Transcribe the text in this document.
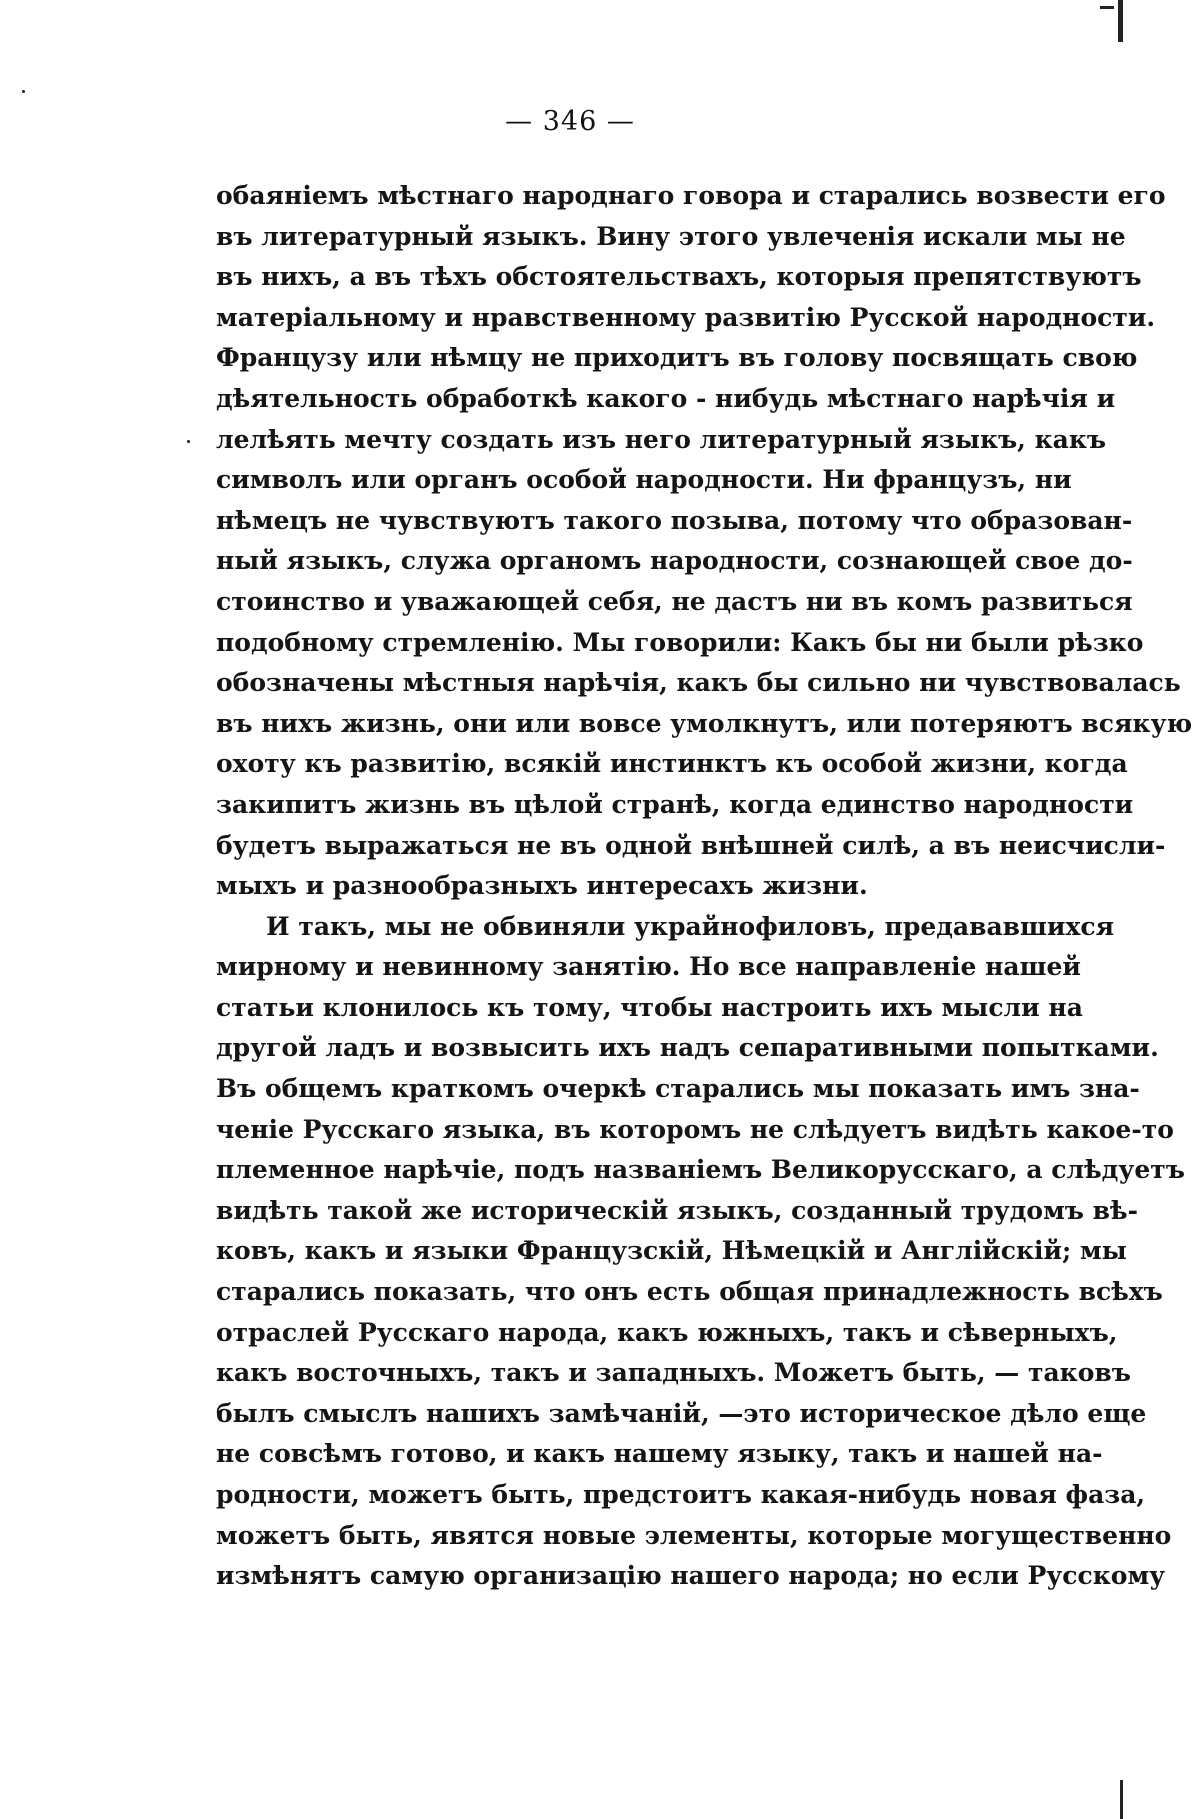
— 346 —
обаяніемъ мѣстнаго народнаго говора и старались возвести его
въ литературный языкъ. Вину этого увлеченія искали мы не
въ нихъ, а въ тѣхъ обстоятельствахъ, которыя препятствуютъ
матеріальному и нравственному развитію Русской народности.
Французу или нѣмцу не приходитъ въ голову посвящать свою
дѣятельность обработкѣ какого - нибудь мѣстнаго нарѣчія и
лелѣять мечту создать изъ него литературный языкъ, какъ
символъ или органъ особой народности. Ни французъ, ни
нѣмецъ не чувствуютъ такого позыва, потому что образован-
ный языкъ, служа органомъ народности, сознающей свое до-
стоинство и уважающей себя, не дастъ ни въ комъ развиться
подобному стремленію. Мы говорили: Какъ бы ни были рѣзко
обозначены мѣстныя нарѣчія, какъ бы сильно ни чувствовалась
въ нихъ жизнь, они или вовсе умолкнутъ, или потеряютъ всякую
охоту къ развитію, всякій инстинктъ къ особой жизни, когда
закипитъ жизнь въ цѣлой странѣ, когда единство народности
будетъ выражаться не въ одной внѣшней силѣ, а въ неисчисли-
мыхъ и разнообразныхъ интересахъ жизни.
И такъ, мы не обвиняли украйнофиловъ, предававшихся
мирному и невинному занятію. Но все направленіе нашей
статьи клонилось къ тому, чтобы настроить ихъ мысли на
другой ладъ и возвысить ихъ надъ сепаративными попытками.
Въ общемъ краткомъ очеркѣ старались мы показать имъ зна-
ченіе Русскаго языка, въ которомъ не слѣдуетъ видѣть какое-то
племенное нарѣчіе, подъ названіемъ Великорусскаго, а слѣдуетъ
видѣть такой же историческій языкъ, созданный трудомъ вѣ-
ковъ, какъ и языки Французскій, Нѣмецкій и Англійскій; мы
старались показать, что онъ есть общая принадлежность всѣхъ
отраслей Русскаго народа, какъ южныхъ, такъ и сѣверныхъ,
какъ восточныхъ, такъ и западныхъ. Можетъ быть, — таковъ
былъ смыслъ нашихъ замѣчаній, —это историческое дѣло еще
не совсѣмъ готово, и какъ нашему языку, такъ и нашей на-
родности, можетъ быть, предстоитъ какая-нибудь новая фаза,
можетъ быть, явятся новые элементы, которые могущественно
измѣнятъ самую организацію нашего народа; но если Русскому
